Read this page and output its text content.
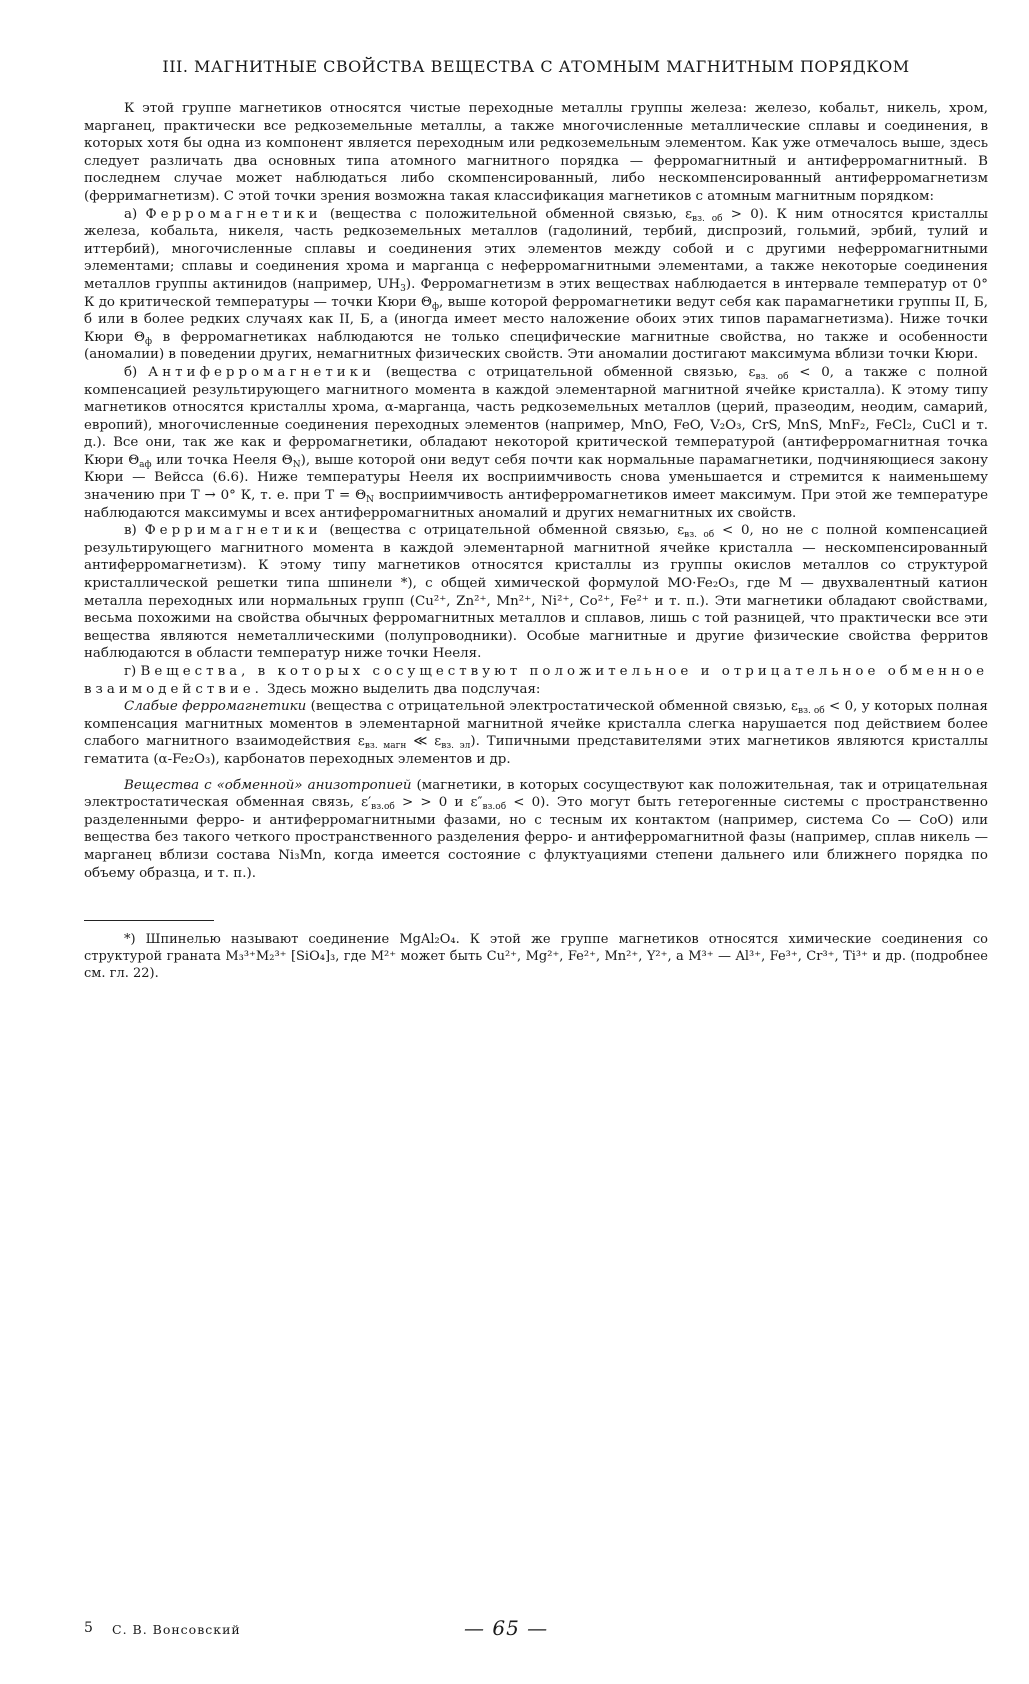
III. МАГНИТНЫЕ СВОЙСТВА ВЕЩЕСТВА С АТОМНЫМ МАГНИТНЫМ ПОРЯДКОМ

К этой группе магнетиков относятся чистые переходные металлы группы железа: железо, кобальт, никель, хром, марганец, практически все редкоземельные металлы, а также многочисленные металлические сплавы и соединения, в которых хотя бы одна из компонент является переходным или редкоземельным элементом. Как уже отмечалось выше, здесь следует различать два основных типа атомного магнитного порядка — ферромагнитный и антиферромагнитный. В последнем случае может наблюдаться либо скомпенсированный, либо нескомпенсированный антиферромагнетизм (ферримагнетизм). С этой точки зрения возможна такая классификация магнетиков с атомным магнитным порядком:

а) Ферромагнетики (вещества с положительной обменной связью, $\varepsilon_{вз. об} > 0$). К ним относятся кристаллы железа, кобальта, никеля, часть редкоземельных металлов (гадолиний, тербий, диспрозий, гольмий, эрбий, тулий и иттербий), многочисленные сплавы и соединения этих элементов между собой и с другими неферромагнитными элементами; сплавы и соединения хрома и марганца с неферромагнитными элементами, а также некоторые соединения металлов группы актинидов (например, $UH_3$). Ферромагнетизм в этих веществах наблюдается в интервале температур от 0° К до критической температуры — точки Кюри $\Theta_ф$, выше которой ферромагнетики ведут себя как парамагнетики группы II, Б, б или в более редких случаях как II, Б, а (иногда имеет место наложение обоих этих типов парамагнетизма). Ниже точки Кюри $\Theta_ф$ в ферромагнетиках наблюдаются не только специфические магнитные свойства, но также и особенности (аномалии) в поведении других, немагнитных физических свойств. Эти аномалии достигают максимума вблизи точки Кюри.

б) Антиферромагнетики (вещества с отрицательной обменной связью, $\varepsilon_{вз. об} < 0$, а также с полной компенсацией результирующего магнитного момента в каждой элементарной магнитной ячейке кристалла). К этому типу магнетиков относятся кристаллы хрома, α-марганца, часть редкоземельных металлов (церий, празеодим, неодим, самарий, европий), многочисленные соединения переходных элементов (например, MnO, FeO, V₂O₃, CrS, MnS, MnF₂, FeCl₂, CuCl и т. д.). Все они, так же как и ферромагнетики, обладают некоторой критической температурой (антиферромагнитная точка Кюри $\Theta_{аф}$ или точка Нееля $\Theta_N$), выше которой они ведут себя почти как нормальные парамагнетики, подчиняющиеся закону Кюри — Вейсса (6.6). Ниже температуры Нееля их восприимчивость снова уменьшается и стремится к наименьшему значению при T → 0° К, т. е. при $T = \Theta_N$ восприимчивость антиферромагнетиков имеет максимум. При этой же температуре наблюдаются максимумы и всех антиферромагнитных аномалий и других немагнитных их свойств.

в) Ферримагнетики (вещества с отрицательной обменной связью, $\varepsilon_{вз. об} < 0$, но не с полной компенсацией результирующего магнитного момента в каждой элементарной магнитной ячейке кристалла — нескомпенсированный антиферромагнетизм). К этому типу магнетиков относятся кристаллы из группы окислов металлов со структурой кристаллической решетки типа шпинели *), с общей химической формулой MO·Fe₂O₃, где M — двухвалентный катион металла переходных или нормальных групп (Cu²⁺, Zn²⁺, Mn²⁺, Ni²⁺, Co²⁺, Fe²⁺ и т. п.). Эти магнетики обладают свойствами, весьма похожими на свойства обычных ферромагнитных металлов и сплавов, лишь с той разницей, что практически все эти вещества являются неметаллическими (полупроводники). Особые магнитные и другие физические свойства ферритов наблюдаются в области температур ниже точки Нееля.

г) Вещества, в которых сосуществуют положительное и отрицательное обменное взаимодействие. Здесь можно выделить два подслучая:

Слабые ферромагнетики (вещества с отрицательной электростатической обменной связью, $\varepsilon_{вз. об} < 0$, у которых полная компенсация магнитных моментов в элементарной магнитной ячейке кристалла слегка нарушается под действием более слабого магнитного взаимодействия $\varepsilon_{вз. магн}$ ≪ $\varepsilon_{вз. эл}$). Типичными представителями этих магнетиков являются кристаллы гематита (α-Fe₂O₃), карбонатов переходных элементов и др.

Вещества с «обменной» анизотропией (магнетики, в которых сосуществуют как положительная, так и отрицательная электростатическая обменная связь, $\varepsilon'_{вз.об}$ > > 0 и $\varepsilon''_{вз.об} < 0$). Это могут быть гетерогенные системы с пространственно разделенными ферро- и антиферромагнитными фазами, но с тесным их контактом (например, система Co — CoO) или вещества без такого четкого пространственного разделения ферро- и антиферромагнитной фазы (например, сплав никель — марганец вблизи состава Ni₃Mn, когда имеется состояние с флуктуациями степени дальнего или ближнего порядка по объему образца, и т. п.).

*) Шпинелью называют соединение MgAl₂O₄. К этой же группе магнетиков относятся химические соединения со структурой граната M₃³⁺M₂³⁺ [SiO₄]₃, где M²⁺ может быть Cu²⁺, Mg²⁺, Fe²⁺, Mn²⁺, Y²⁺, а M³⁺ — Al³⁺, Fe³⁺, Cr³⁺, Ti³⁺ и др. (подробнее см. гл. 22).

5 С. В. Вонсовский	— 65 —
